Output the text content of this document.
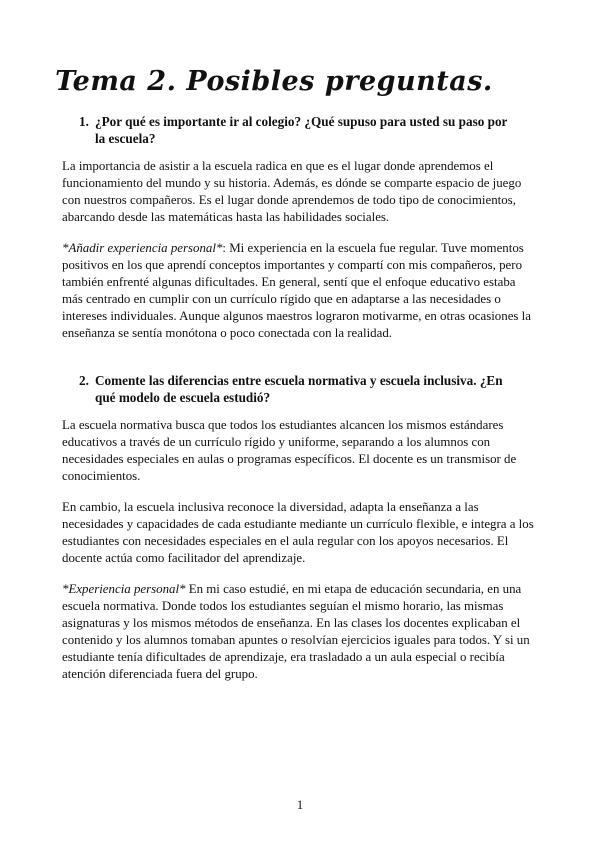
Tema 2. Posibles preguntas.
1. ¿Por qué es importante ir al colegio? ¿Qué supuso para usted su paso por la escuela?

La importancia de asistir a la escuela radica en que es el lugar donde aprendemos el funcionamiento del mundo y su historia. Además, es dónde se comparte espacio de juego con nuestros compañeros. Es el lugar donde aprendemos de todo tipo de conocimientos, abarcando desde las matemáticas hasta las habilidades sociales.

*Añadir experiencia personal*: Mi experiencia en la escuela fue regular. Tuve momentos positivos en los que aprendí conceptos importantes y compartí con mis compañeros, pero también enfrenté algunas dificultades. En general, sentí que el enfoque educativo estaba más centrado en cumplir con un currículo rígido que en adaptarse a las necesidades o intereses individuales. Aunque algunos maestros lograron motivarme, en otras ocasiones la enseñanza se sentía monótona o poco conectada con la realidad.

2. Comente las diferencias entre escuela normativa y escuela inclusiva. ¿En qué modelo de escuela estudió?

La escuela normativa busca que todos los estudiantes alcancen los mismos estándares educativos a través de un currículo rígido y uniforme, separando a los alumnos con necesidades especiales en aulas o programas específicos. El docente es un transmisor de conocimientos.

En cambio, la escuela inclusiva reconoce la diversidad, adapta la enseñanza a las necesidades y capacidades de cada estudiante mediante un currículo flexible, e integra a los estudiantes con necesidades especiales en el aula regular con los apoyos necesarios. El docente actúa como facilitador del aprendizaje.

*Experiencia personal* En mi caso estudié, en mi etapa de educación secundaria, en una escuela normativa. Donde todos los estudiantes seguían el mismo horario, las mismas asignaturas y los mismos métodos de enseñanza. En las clases los docentes explicaban el contenido y los alumnos tomaban apuntes o resolvían ejercicios iguales para todos. Y si un estudiante tenía dificultades de aprendizaje, era trasladado a un aula especial o recibía atención diferenciada fuera del grupo.

1
